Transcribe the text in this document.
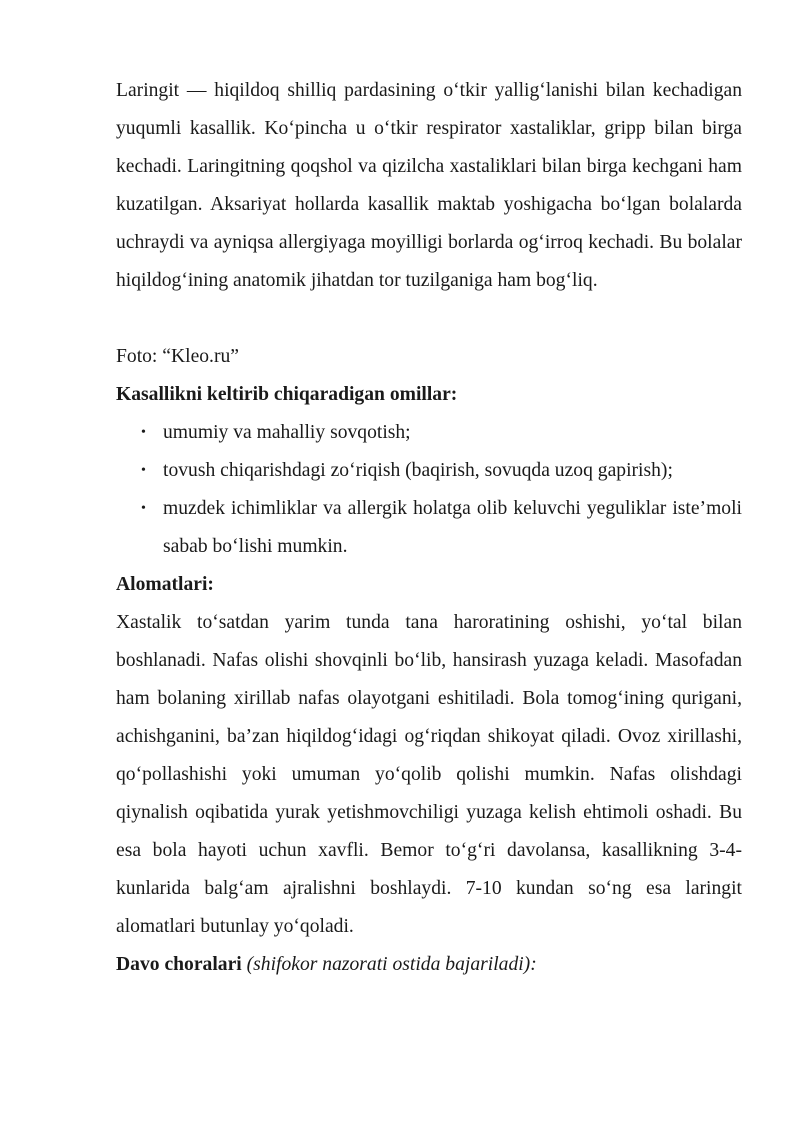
Laringit — hiqildoq shilliq pardasining o‘tkir yallig‘lanishi bilan kechadigan yuqumli kasallik. Ko‘pincha u o‘tkir respirator xastaliklar, gripp bilan birga kechadi. Laringitning qoqshol va qizilcha xastaliklari bilan birga kechgani ham kuzatilgan. Aksariyat hollarda kasallik maktab yoshigacha bo‘lgan bolalarda uchraydi va ayniqsa allergiyaga moyilligi borlarda og‘irroq kechadi. Bu bolalar hiqildog‘ining anatomik jihatdan tor tuzilganiga ham bog‘liq.

Foto: “Kleo.ru”

Kasallikni keltirib chiqaradigan omillar:

• umumiy va mahalliy sovqotish;
• tovush chiqarishdagi zo‘riqish (baqirish, sovuqda uzoq gapirish);
• muzdek ichimliklar va allergik holatga olib keluvchi yeguliklar iste’moli sabab bo‘lishi mumkin.

Alomatlari:

Xastalik to‘satdan yarim tunda tana haroratining oshishi, yo‘tal bilan boshlanadi. Nafas olishi shovqinli bo‘lib, hansirash yuzaga keladi. Masofadan ham bolaning xirillab nafas olayotgani eshitiladi. Bola tomog‘ining qurigani, achishganini, ba’zan hiqildog‘idagi og‘riqdan shikoyat qiladi. Ovoz xirillashi, qo‘pollashishi yoki umuman yo‘qolib qolishi mumkin. Nafas olishdagi qiynalish oqibatida yurak yetishmovchiligi yuzaga kelish ehtimoli oshadi. Bu esa bola hayoti uchun xavfli. Bemor to‘g‘ri davolansa, kasallikning 3-4-kunlarida balg‘am ajralishni boshlaydi. 7-10 kundan so‘ng esa laringit alomatlari butunlay yo‘qoladi.

Davo choralari (shifokor nazorati ostida bajariladi):
